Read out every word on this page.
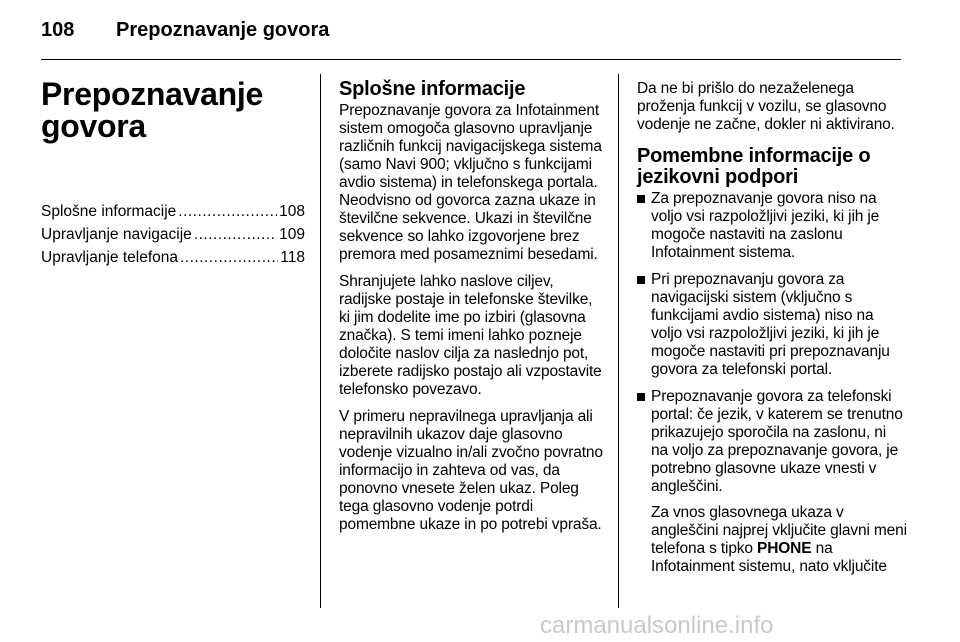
108 Prepoznavanje govora
Prepoznavanje govora
Splošne informacije .....	108
Upravljanje navigacije .....	109
Upravljanje telefona .....	118
Splošne informacije

Prepoznavanje govora za Infotainment sistem omogoča glasovno upravljanje različnih funkcij navigacijskega sistema (samo Navi 900; vključno s funkcijami avdio sistema) in telefonskega portala. Neodvisno od govorca zazna ukaze in številčne sekvence. Ukazi in številčne sekvence so lahko izgovorjene brez premora med posameznimi besedami.

Shranjujete lahko naslove ciljev, radijske postaje in telefonske številke, ki jim dodelite ime po izbiri (glasovna značka). S temi imeni lahko pozneje določite naslov cilja za naslednjo pot, izberete radijsko postajo ali vzpostavite telefonsko povezavo.

V primeru nepravilnega upravljanja ali nepravilnih ukazov daje glasovno vodenje vizualno in/ali zvočno povratno informacijo in zahteva od vas, da ponovno vnesete želen ukaz. Poleg tega glasovno vodenje potrdi pomembne ukaze in po potrebi vpraša.

Da ne bi prišlo do nezaželenega proženja funkcij v vozilu, se glasovno vodenje ne začne, dokler ni aktivirano.

Pomembne informacije o jezikovni podpori
Za prepoznavanje govora niso na voljo vsi razpoložljivi jeziki, ki jih je mogoče nastaviti na zaslonu Infotainment sistema.
Pri prepoznavanju govora za navigacijski sistem (vključno s funkcijami avdio sistema) niso na voljo vsi razpoložljivi jeziki, ki jih je mogoče nastaviti pri prepoznavanju govora za telefonski portal.
Prepoznavanje govora za telefonski portal: če jezik, v katerem se trenutno prikazujejo sporočila na zaslonu, ni na voljo za prepoznavanje govora, je potrebno glasovne ukaze vnesti v angleščini.

Za vnos glasovnega ukaza v angleščini najprej vključite glavni meni telefona s tipko PHONE na Infotainment sistemu, nato vključite

carmanualsonline.info
